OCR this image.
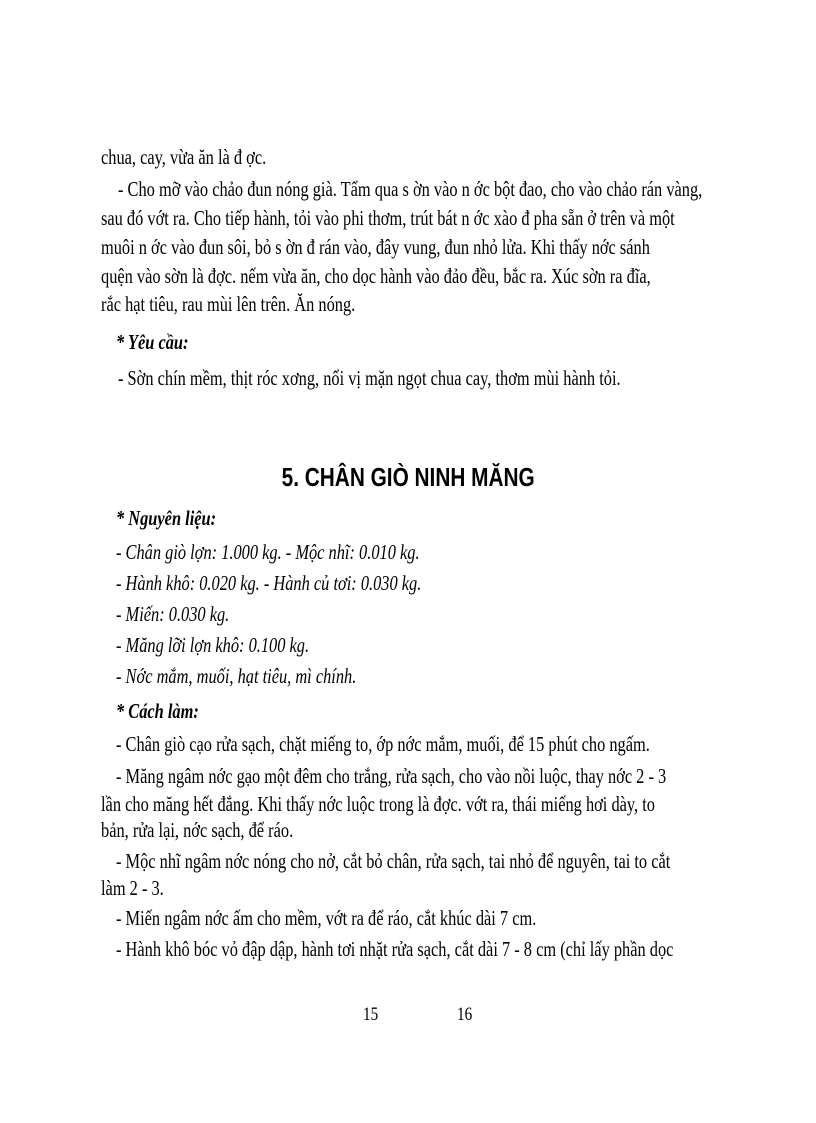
chua, cay, vừa ăn là đ ợc.
- Cho mỡ vào chảo đun nóng già. Tẩm qua s ờn vào n ớc bột đao, cho vào chảo rán vàng,
sau đó vớt ra. Cho tiếp hành, tỏi vào phi thơm, trút bát n ớc xào đ pha sẵn ở trên và một
muôi n ớc vào đun sôi, bỏ s ờn đ rán vào, đây vung, đun nhỏ lửa. Khi thấy nớc sánh
quện vào sờn là đợc. nếm vừa ăn, cho dọc hành vào đảo đều, bắc ra. Xúc sờn ra đĩa,
rắc hạt tiêu, rau mùi lên trên. Ăn nóng.
* Yêu cầu:
- Sờn chín mềm, thịt róc xơng, nổi vị mặn ngọt chua cay, thơm mùi hành tỏi.
5. CHÂN GIÒ NINH MĂNG
* Nguyên liệu:
- Chân giò lợn: 1.000 kg. - Mộc nhĩ: 0.010 kg.
- Hành khô: 0.020 kg. - Hành củ tơi: 0.030 kg.
- Miến: 0.030 kg.
- Măng lỡi lợn khô: 0.100 kg.
- Nớc mắm, muối, hạt tiêu, mì chính.
* Cách làm:
- Chân giò cạo rửa sạch, chặt miếng to, ớp nớc mắm, muối, để 15 phút cho ngấm.
- Măng ngâm nớc gạo một đêm cho trắng, rửa sạch, cho vào nồi luộc, thay nớc 2 - 3
lần cho măng hết đắng. Khi thấy nớc luộc trong là đợc. vớt ra, thái miếng hơi dày, to
bản, rửa lại, nớc sạch, để ráo.
- Mộc nhĩ ngâm nớc nóng cho nở, cắt bỏ chân, rửa sạch, tai nhỏ để nguyên, tai to cắt
làm 2 - 3.
- Miến ngâm nớc ấm cho mềm, vớt ra để ráo, cắt khúc dài 7 cm.
- Hành khô bóc vỏ đập dập, hành tơi nhặt rửa sạch, cắt dài 7 - 8 cm (chỉ lấy phần dọc
15	16
